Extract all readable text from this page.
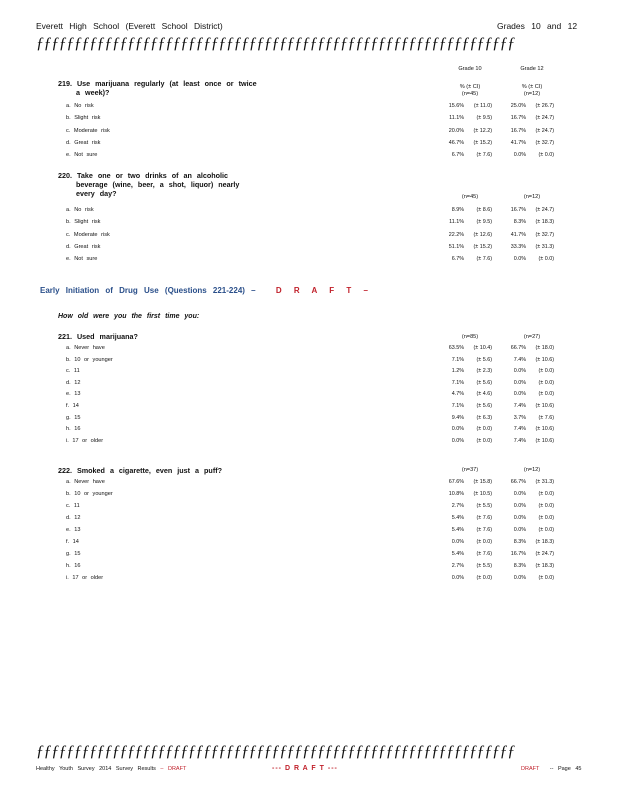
Everett High School (Everett School District)	Grades 10 and 12
ƒƒƒƒƒƒƒƒƒƒƒƒƒƒƒƒƒƒƒƒƒƒƒƒƒƒƒƒƒƒƒƒƒƒƒƒƒƒƒƒƒƒƒƒƒƒƒƒƒƒƒƒƒƒƒƒƒƒƒƒƒƒƒ
Grade 10	Grade 12
219. Use marijuana regularly (at least once or twice
a week)?
% (± CI)	% (± CI)
(n=45)	(n=12)
a. No risk	15.6%	(± 11.0)	25.0%	(± 26.7)
b. Slight risk	11.1%	(± 9.5)	16.7%	(± 24.7)
c. Moderate risk	20.0%	(± 12.2)	16.7%	(± 24.7)
d. Great risk	46.7%	(± 15.2)	41.7%	(± 32.7)
e. Not sure	6.7%	(± 7.6)	0.0%	(± 0.0)
220. Take one or two drinks of an alcoholic
beverage (wine, beer, a shot, liquor) nearly
every day?	(n=45)	(n=12)
a. No risk	8.9%	(± 8.6)	16.7%	(± 24.7)
b. Slight risk	11.1%	(± 9.5)	8.3%	(± 18.3)
c. Moderate risk	22.2%	(± 12.6)	41.7%	(± 32.7)
d. Great risk	51.1%	(± 15.2)	33.3%	(± 31.3)
e. Not sure	6.7%	(± 7.6)	0.0%	(± 0.0)
Early Initiation of Drug Use (Questions 221-224) –	D R A F T –
How old were you the first time you:
221. Used marijuana?	(n=85)	(n=27)
a. Never have	63.5%	(± 10.4)	66.7%	(± 18.0)
b. 10 or younger	7.1%	(± 5.6)	7.4%	(± 10.6)
c. 11	1.2%	(± 2.3)	0.0%	(± 0.0)
d. 12	7.1%	(± 5.6)	0.0%	(± 0.0)
e. 13	4.7%	(± 4.6)	0.0%	(± 0.0)
f. 14	7.1%	(± 5.6)	7.4%	(± 10.6)
g. 15	9.4%	(± 6.3)	3.7%	(± 7.6)
h. 16	0.0%	(± 0.0)	7.4%	(± 10.6)
i. 17 or older	0.0%	(± 0.0)	7.4%	(± 10.6)
222. Smoked a cigarette, even just a puff?	(n=37)	(n=12)
a. Never have	67.6%	(± 15.8)	66.7%	(± 31.3)
b. 10 or younger	10.8%	(± 10.5)	0.0%	(± 0.0)
c. 11	2.7%	(± 5.5)	0.0%	(± 0.0)
d. 12	5.4%	(± 7.6)	0.0%	(± 0.0)
e. 13	5.4%	(± 7.6)	0.0%	(± 0.0)
f. 14	0.0%	(± 0.0)	8.3%	(± 18.3)
g. 15	5.4%	(± 7.6)	16.7%	(± 24.7)
h. 16	2.7%	(± 5.5)	8.3%	(± 18.3)
i. 17 or older	0.0%	(± 0.0)	0.0%	(± 0.0)
ƒƒƒƒƒƒƒƒƒƒƒƒƒƒƒƒƒƒƒƒƒƒƒƒƒƒƒƒƒƒƒƒƒƒƒƒƒƒƒƒƒƒƒƒƒƒƒƒƒƒƒƒƒƒƒƒƒƒƒƒƒƒƒ
Healthy Youth Survey 2014 Survey Results – DRAFT	--- D R A F T ---	DRAFT -- Page 45
